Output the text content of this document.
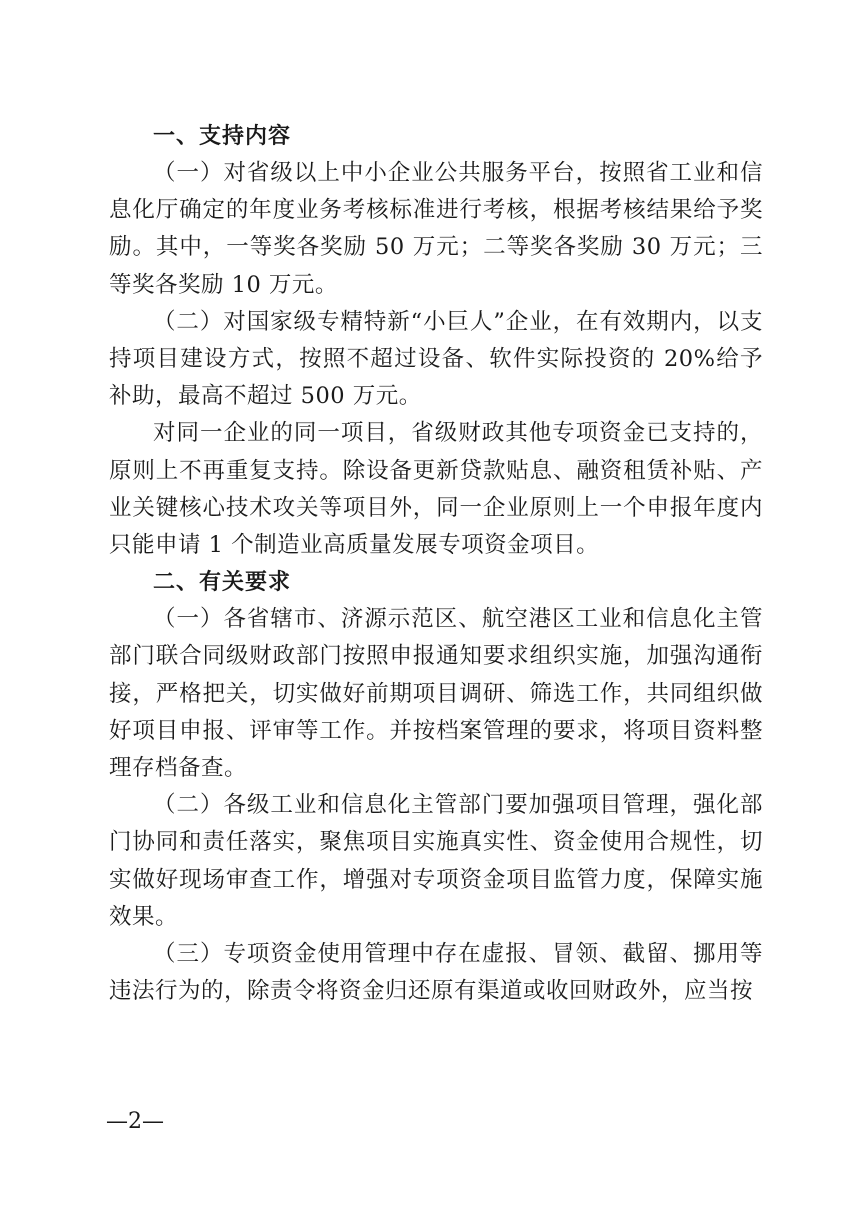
一、支持内容

（一）对省级以上中小企业公共服务平台，按照省工业和信息化厅确定的年度业务考核标准进行考核，根据考核结果给予奖励。其中，一等奖各奖励 50 万元；二等奖各奖励 30 万元；三等奖各奖励 10 万元。

（二）对国家级专精特新“小巨人”企业，在有效期内，以支持项目建设方式，按照不超过设备、软件实际投资的 20%给予补助，最高不超过 500 万元。

对同一企业的同一项目，省级财政其他专项资金已支持的，原则上不再重复支持。除设备更新贷款贴息、融资租赁补贴、产业关键核心技术攻关等项目外，同一企业原则上一个申报年度内只能申请 1 个制造业高质量发展专项资金项目。

二、有关要求

（一）各省辖市、济源示范区、航空港区工业和信息化主管部门联合同级财政部门按照申报通知要求组织实施，加强沟通衔接，严格把关，切实做好前期项目调研、筛选工作，共同组织做好项目申报、评审等工作。并按档案管理的要求，将项目资料整理存档备查。

（二）各级工业和信息化主管部门要加强项目管理，强化部门协同和责任落实，聚焦项目实施真实性、资金使用合规性，切实做好现场审查工作，增强对专项资金项目监管力度，保障实施效果。

（三）专项资金使用管理中存在虚报、冒领、截留、挪用等违法行为的，除责令将资金归还原有渠道或收回财政外，应当按

—2—
